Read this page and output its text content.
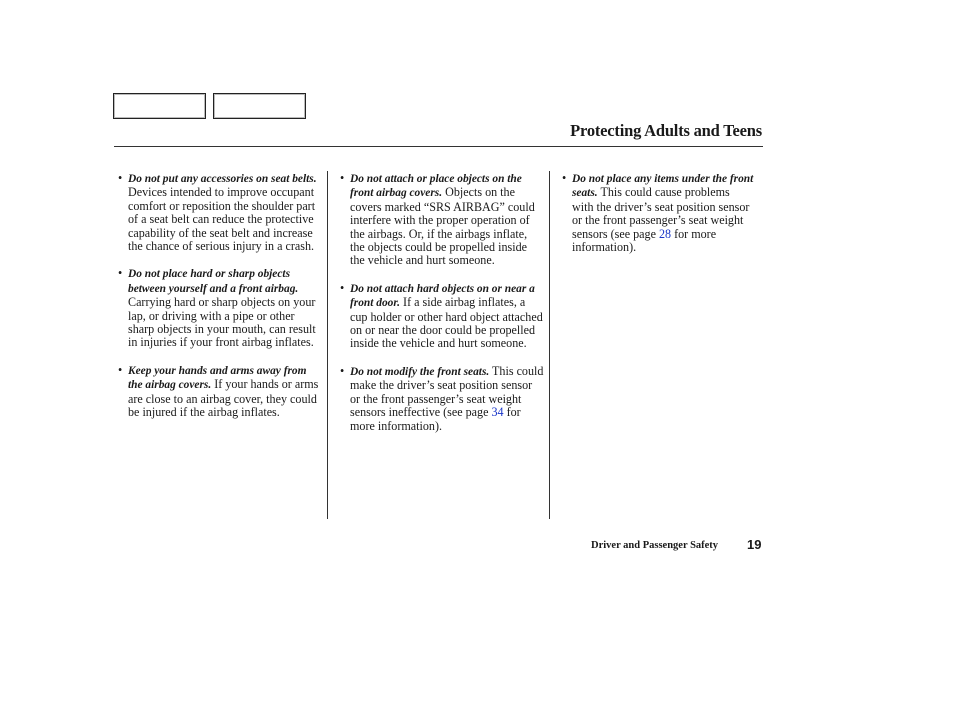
Protecting Adults and Teens
• Do not put any accessories on seat belts. Devices intended to improve occupant comfort or reposition the shoulder part of a seat belt can reduce the protective capability of the seat belt and increase the chance of serious injury in a crash.
• Do not place hard or sharp objects between yourself and a front airbag. Carrying hard or sharp objects on your lap, or driving with a pipe or other sharp objects in your mouth, can result in injuries if your front airbag inflates.
• Keep your hands and arms away from the airbag covers. If your hands or arms are close to an airbag cover, they could be injured if the airbag inflates.
• Do not attach or place objects on the front airbag covers. Objects on the covers marked “SRS AIRBAG” could interfere with the proper operation of the airbags. Or, if the airbags inflate, the objects could be propelled inside the vehicle and hurt someone.
• Do not attach hard objects on or near a front door. If a side airbag inflates, a cup holder or other hard object attached on or near the door could be propelled inside the vehicle and hurt someone.
• Do not modify the front seats. This could make the driver’s seat position sensor or the front passenger’s seat weight sensors ineffective (see page 34 for more information).
• Do not place any items under the front seats. This could cause problems with the driver’s seat position sensor or the front passenger’s seat weight sensors (see page 28 for more information).
Driver and Passenger Safety 19
